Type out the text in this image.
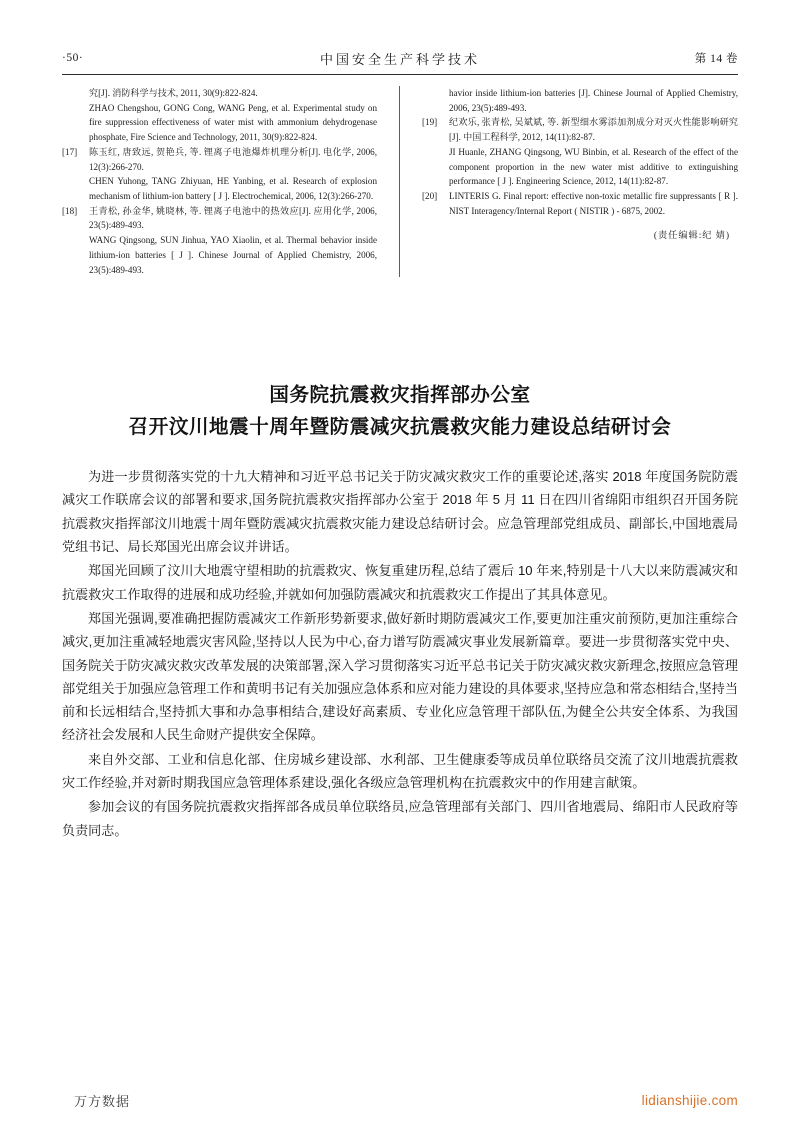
·50·	中国安全生产科学技术	第 14 卷
究[J]. 消防科学与技术, 2011, 30(9):822-824.
ZHAO Chengshou, GONG Cong, WANG Peng, et al. Experimental study on fire suppression effectiveness of water mist with ammonium dehydrogenase phosphate, Fire Science and Technology, 2011, 30(9):822-824.
[17]	陈玉红, 唐致远, 贺艳兵, 等. 锂离子电池爆炸机理分析[J]. 电化学, 2006, 12(3):266-270.
CHEN Yuhong, TANG Zhiyuan, HE Yanbing, et al. Research of explosion mechanism of lithium-ion battery [ J ]. Electrochemical, 2006, 12(3):266-270.
[18]	王青松, 孙金华, 姚晓林, 等. 锂离子电池中的热效应[J]. 应用化学, 2006, 23(5):489-493.
WANG Qingsong, SUN Jinhua, YAO Xiaolin, et al. Thermal behavior inside lithium-ion batteries [ J ]. Chinese Journal of Applied Chemistry, 2006, 23(5):489-493.
havior inside lithium-ion batteries [J]. Chinese Journal of Applied Chemistry, 2006, 23(5):489-493.
[19]	纪欢乐, 张青松, 吴斌斌, 等. 新型细水雾添加剂成分对灭火性能影响研究[J]. 中国工程科学, 2012, 14(11):82-87.
JI Huanle, ZHANG Qingsong, WU Binbin, et al. Research of the effect of the component proportion in the new water mist additive to extinguishing performance [ J ]. Engineering Science, 2012, 14(11):82-87.
[20]	LINTERIS G. Final report: effective non-toxic metallic fire suppressants [ R ]. NIST Interagency/Internal Report ( NISTIR ) - 6875, 2002.
(责任编辑:纪 婧)
国务院抗震救灾指挥部办公室
召开汶川地震十周年暨防震减灾抗震救灾能力建设总结研讨会

为进一步贯彻落实党的十九大精神和习近平总书记关于防灾减灾救灾工作的重要论述,落实 2018 年度国务院防震减灾工作联席会议的部署和要求,国务院抗震救灾指挥部办公室于 2018 年 5 月 11 日在四川省绵阳市组织召开国务院抗震救灾指挥部汶川地震十周年暨防震减灾抗震救灾能力建设总结研讨会。应急管理部党组成员、副部长,中国地震局党组书记、局长郑国光出席会议并讲话。

郑国光回顾了汶川大地震守望相助的抗震救灾、恢复重建历程,总结了震后 10 年来,特别是十八大以来防震减灾和抗震救灾工作取得的进展和成功经验,并就如何加强防震减灾和抗震救灾工作提出了其具体意见。

郑国光强调,要准确把握防震减灾工作新形势新要求,做好新时期防震减灾工作,要更加注重灾前预防,更加注重综合减灾,更加注重减轻地震灾害风险,坚持以人民为中心,奋力谱写防震减灾事业发展新篇章。要进一步贯彻落实党中央、国务院关于防灾减灾救灾改革发展的决策部署,深入学习贯彻落实习近平总书记关于防灾减灾救灾新理念,按照应急管理部党组关于加强应急管理工作和黄明书记有关加强应急体系和应对能力建设的具体要求,坚持应急和常态相结合,坚持当前和长远相结合,坚持抓大事和办急事相结合,建设好高素质、专业化应急管理干部队伍,为健全公共安全体系、为我国经济社会发展和人民生命财产提供安全保障。

来自外交部、工业和信息化部、住房城乡建设部、水利部、卫生健康委等成员单位联络员交流了汶川地震抗震救灾工作经验,并对新时期我国应急管理体系建设,强化各级应急管理机构在抗震救灾中的作用建言献策。

参加会议的有国务院抗震救灾指挥部各成员单位联络员,应急管理部有关部门、四川省地震局、绵阳市人民政府等负责同志。

万方数据	lidianshijie.com
